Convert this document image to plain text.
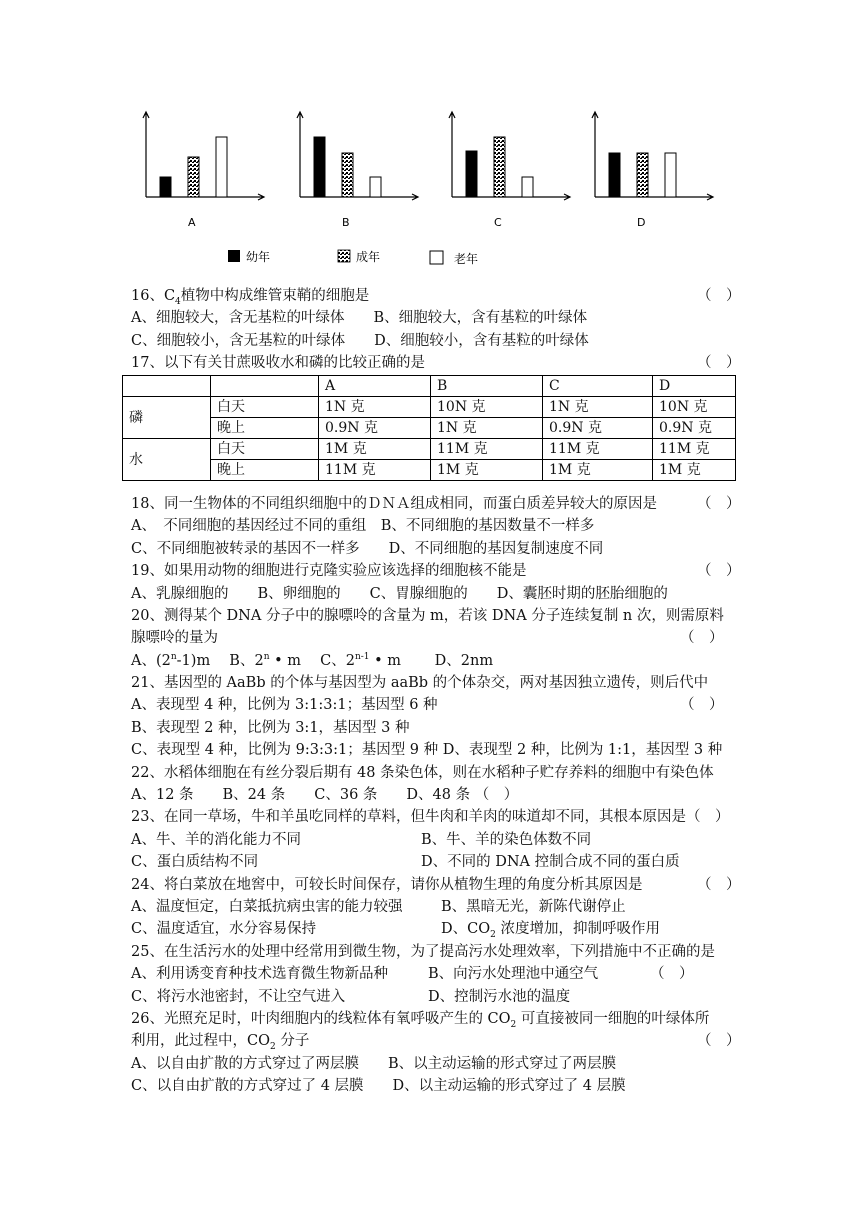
A	B	C	D
幼年	成年	老年
16、$C_4$植物中构成维管束鞘的细胞是	（　）
A、细胞较大，含无基粒的叶绿体　　B、细胞较大，含有基粒的叶绿体
C、细胞较小，含无基粒的叶绿体　　D、细胞较小，含有基粒的叶绿体
17、以下有关甘蔗吸收水和磷的比较正确的是	（　）
		A	B	C	D
磷	白天	1N 克	10N 克	1N 克	10N 克
	晚上	0.9N 克	1N 克	0.9N 克	0.9N 克
水	白天	1M 克	11M 克	11M 克	11M 克
	晚上	11M 克	1M 克	1M 克	1M 克
18、同一生物体的不同组织细胞中的ＤＮＡ组成相同，而蛋白质差异较大的原因是	（　）
A、　不同细胞的基因经过不同的重组　B、不同细胞的基因数量不一样多
C、不同细胞被转录的基因不一样多　　D、不同细胞的基因复制速度不同
19、如果用动物的细胞进行克隆实验应该选择的细胞核不能是	（　）
A、乳腺细胞的　　B、卵细胞的　　C、胃腺细胞的　　D、囊胚时期的胚胎细胞的
20、测得某个 DNA 分子中的腺嘌呤的含量为 m，若该 DNA 分子连续复制 n 次，则需原料
腺嘌呤的量为	（　）
A、(2$^n$-1)m　 B、2$^n$ • m　 C、2$^{n-1}$ • m　　 D、2nm
21、基因型的 AaBb 的个体与基因型为 aaBb 的个体杂交，两对基因独立遗传，则后代中
A、表现型 4 种，比例为 3:1:3:1；基因型 6 种	（　）
B、表现型 2 种，比例为 3:1，基因型 3 种
C、表现型 4 种，比例为 9:3:3:1；基因型 9 种 D、表现型 2 种，比例为 1:1，基因型 3 种
22、水稻体细胞在有丝分裂后期有 48 条染色体，则在水稻种子贮存养料的细胞中有染色体
A、12 条　　B、24 条　　C、36 条　　D、48 条 （　）
23、在同一草场，牛和羊虽吃同样的草料，但牛肉和羊肉的味道却不同，其根本原因是（　）
A、牛、羊的消化能力不同	B、牛、羊的染色体数不同
C、蛋白质结构不同	D、不同的 DNA 控制合成不同的蛋白质
24、将白菜放在地窖中，可较长时间保存，请你从植物生理的角度分析其原因是	（　）
A、温度恒定，白菜抵抗病虫害的能力较强	B、黑暗无光，新陈代谢停止
C、温度适宜，水分容易保持	D、$CO_2$ 浓度增加，抑制呼吸作用
25、在生活污水的处理中经常用到微生物，为了提高污水处理效率，下列措施中不正确的是
A、利用诱变育种技术选育微生物新品种	B、向污水处理池中通空气	（　）
C、将污水池密封，不让空气进入	D、控制污水池的温度
26、光照充足时，叶肉细胞内的线粒体有氧呼吸产生的 $CO_2$ 可直接被同一细胞的叶绿体所
利用，此过程中，$CO_2$ 分子	（　）
A、以自由扩散的方式穿过了两层膜　　B、以主动运输的形式穿过了两层膜
C、以自由扩散的方式穿过了 4 层膜　　D、以主动运输的形式穿过了 4 层膜
